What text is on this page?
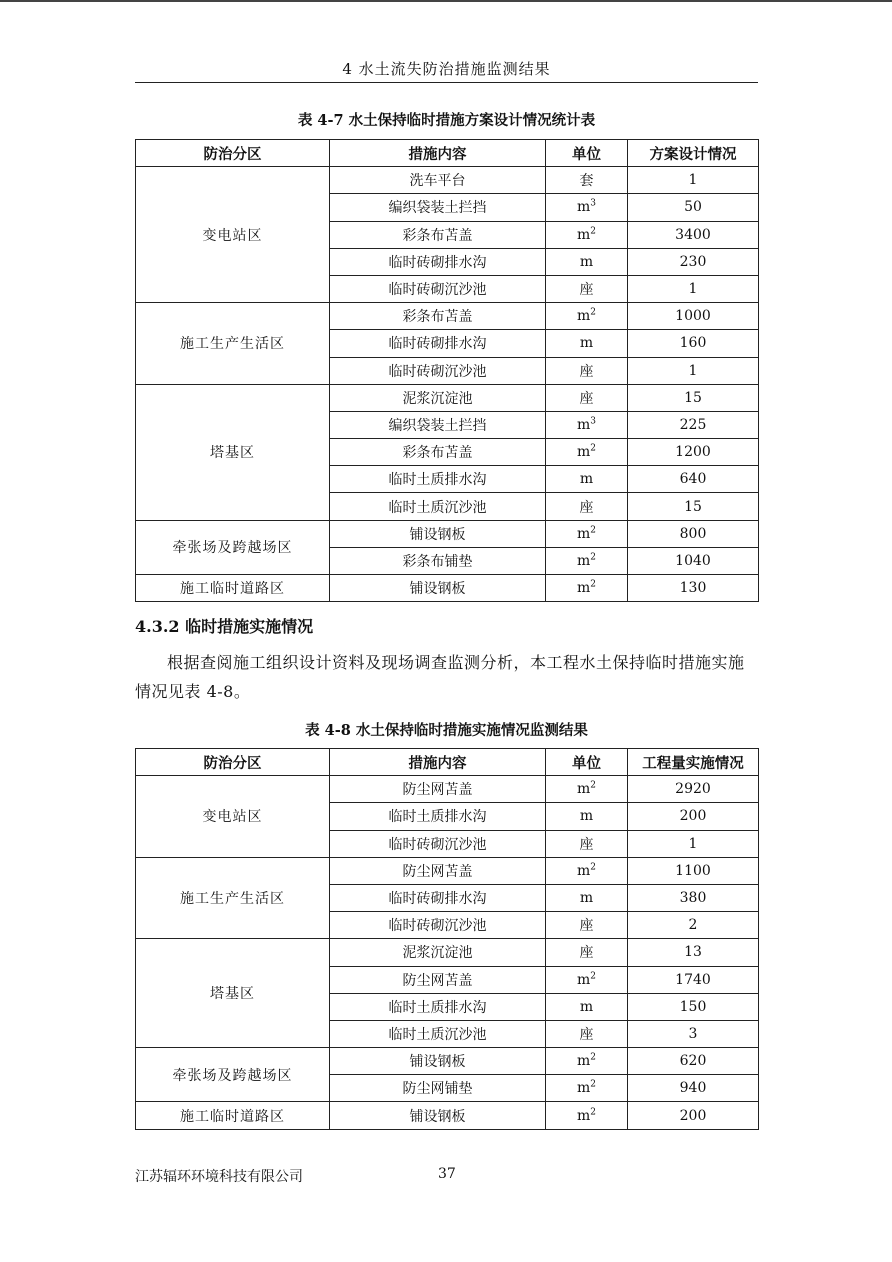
4 水土流失防治措施监测结果
表 4-7 水土保持临时措施方案设计情况统计表
防治分区	措施内容	单位	方案设计情况
变电站区	洗车平台	套	1
	编织袋装土拦挡	$m^3$	50
	彩条布苫盖	$m^2$	3400
	临时砖砌排水沟	m	230
	临时砖砌沉沙池	座	1
施工生产生活区	彩条布苫盖	$m^2$	1000
	临时砖砌排水沟	m	160
	临时砖砌沉沙池	座	1
塔基区	泥浆沉淀池	座	15
	编织袋装土拦挡	$m^3$	225
	彩条布苫盖	$m^2$	1200
	临时土质排水沟	m	640
	临时土质沉沙池	座	15
牵张场及跨越场区	铺设钢板	$m^2$	800
	彩条布铺垫	$m^2$	1040
施工临时道路区	铺设钢板	$m^2$	130
4.3.2 临时措施实施情况
根据查阅施工组织设计资料及现场调查监测分析，本工程水土保持临时措施实施情况见表 4-8。
表 4-8 水土保持临时措施实施情况监测结果
防治分区	措施内容	单位	工程量实施情况
变电站区	防尘网苫盖	$m^2$	2920
	临时土质排水沟	m	200
	临时砖砌沉沙池	座	1
施工生产生活区	防尘网苫盖	$m^2$	1100
	临时砖砌排水沟	m	380
	临时砖砌沉沙池	座	2
塔基区	泥浆沉淀池	座	13
	防尘网苫盖	$m^2$	1740
	临时土质排水沟	m	150
	临时土质沉沙池	座	3
牵张场及跨越场区	铺设钢板	$m^2$	620
	防尘网铺垫	$m^2$	940
施工临时道路区	铺设钢板	$m^2$	200
江苏辐环环境科技有限公司	37
